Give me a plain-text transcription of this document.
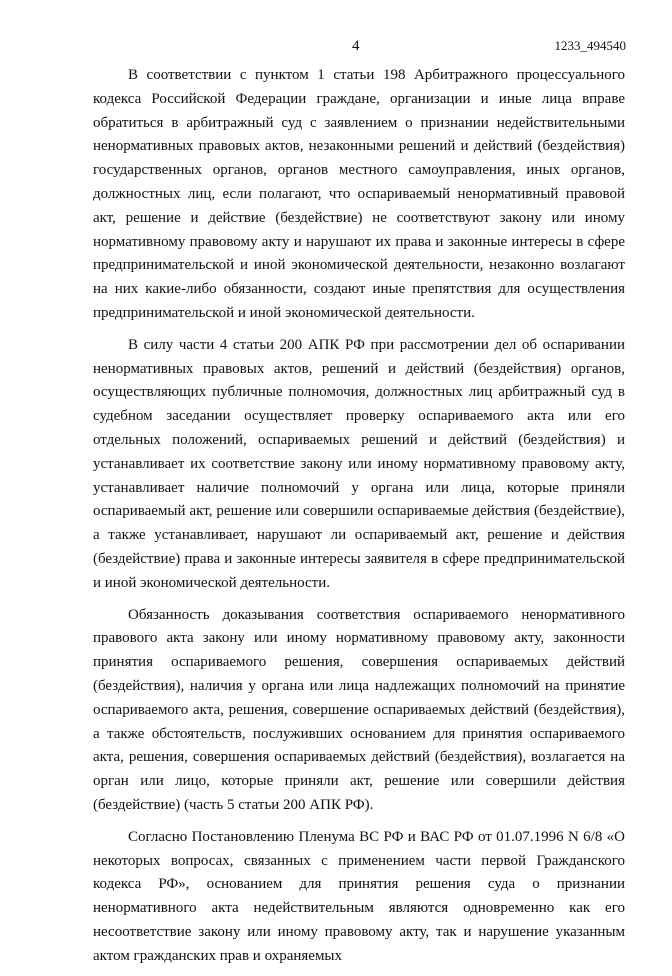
4	1233_494540

В соответствии с пунктом 1 статьи 198 Арбитражного процессуального кодекса Российской Федерации граждане, организации и иные лица вправе обратиться в арбитражный суд с заявлением о признании недействительными ненормативных правовых актов, незаконными решений и действий (бездействия) государственных органов, органов местного самоуправления, иных органов, должностных лиц, если полагают, что оспариваемый ненормативный правовой акт, решение и действие (бездействие) не соответствуют закону или иному нормативному правовому акту и нарушают их права и законные интересы в сфере предпринимательской и иной экономической деятельности, незаконно возлагают на них какие-либо обязанности, создают иные препятствия для осуществления предпринимательской и иной экономической деятельности.

В силу части 4 статьи 200 АПК РФ при рассмотрении дел об оспаривании ненормативных правовых актов, решений и действий (бездействия) органов, осуществляющих публичные полномочия, должностных лиц арбитражный суд в судебном заседании осуществляет проверку оспариваемого акта или его отдельных положений, оспариваемых решений и действий (бездействия) и устанавливает их соответствие закону или иному нормативному правовому акту, устанавливает наличие полномочий у органа или лица, которые приняли оспариваемый акт, решение или совершили оспариваемые действия (бездействие), а также устанавливает, нарушают ли оспариваемый акт, решение и действия (бездействие) права и законные интересы заявителя в сфере предпринимательской и иной экономической деятельности.

Обязанность доказывания соответствия оспариваемого ненормативного правового акта закону или иному нормативному правовому акту, законности принятия оспариваемого решения, совершения оспариваемых действий (бездействия), наличия у органа или лица надлежащих полномочий на принятие оспариваемого акта, решения, совершение оспариваемых действий (бездействия), а также обстоятельств, послуживших основанием для принятия оспариваемого акта, решения, совершения оспариваемых действий (бездействия), возлагается на орган или лицо, которые приняли акт, решение или совершили действия (бездействие) (часть 5 статьи 200 АПК РФ).

Согласно Постановлению Пленума ВС РФ и ВАС РФ от 01.07.1996 N 6/8 «О некоторых вопросах, связанных с применением части первой Гражданского кодекса РФ», основанием для принятия решения суда о признании ненормативного акта недействительным являются одновременно как его несоответствие закону или иному правовому акту, так и нарушение указанным актом гражданских прав и охраняемых
